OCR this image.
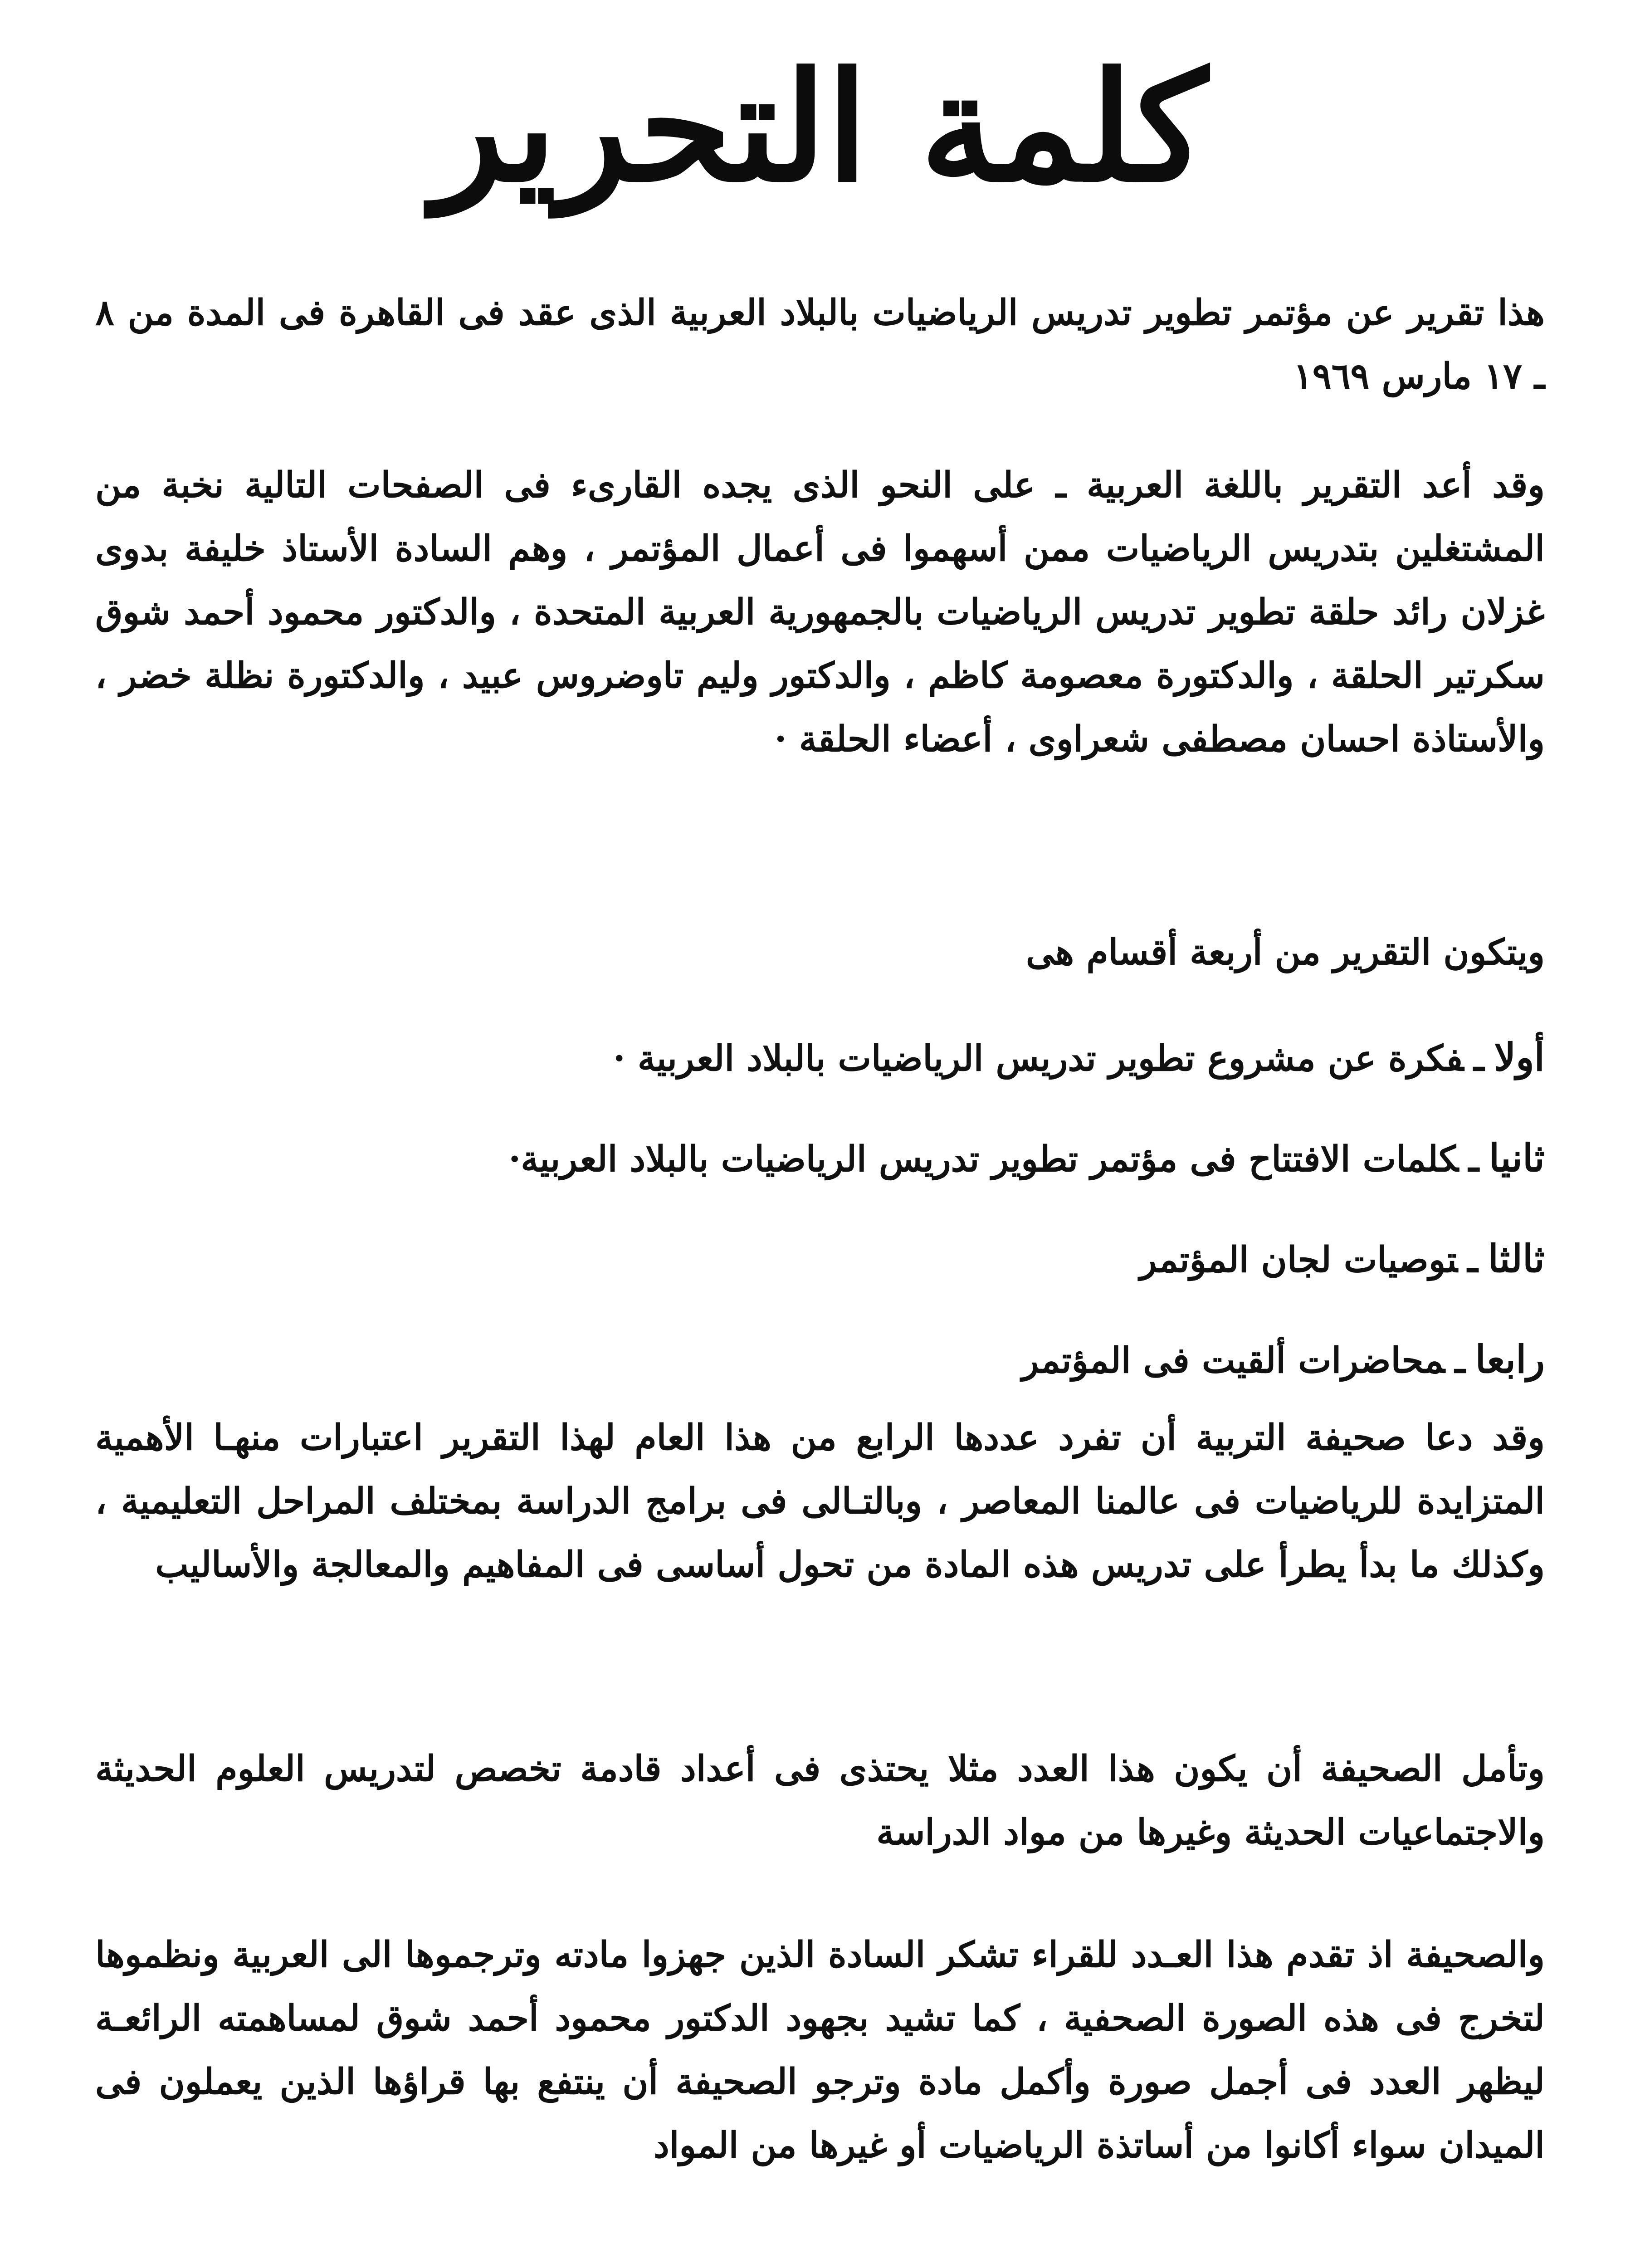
كلمة التحرير

هذا تقرير عن مؤتمر تطوير تدريس الرياضيات بالبلاد العربية الذى عقد فى القاهرة فى المدة من ٨ ـ ١٧ مارس ١٩٦٩

وقد أعد التقرير باللغة العربية ـ على النحو الذى يجده القارىء فى الصفحات التالية نخبة من المشتغلين بتدريس الرياضيات ممن أسهموا فى أعمال المؤتمر ، وهم السادة الأستاذ خليفة بدوى غزلان رائد حلقة تطوير تدريس الرياضيات بالجمهورية العربية المتحدة ، والدكتور محمود أحمد شوق سكرتير الحلقة ، والدكتورة معصومة كاظم ، والدكتور وليم تاوضروس عبيد ، والدكتورة نظلة خضر ، والأستاذة احسان مصطفى شعراوى ، أعضاء الحلقة ·

ويتكون التقرير من أربعة أقسام هى

أولاـفكرة عن مشروع تطوير تدريس الرياضيات بالبلاد العربية ·
ثانياـكلمات الافتتاح فى مؤتمر تطوير تدريس الرياضيات بالبلاد العربية·
ثالثاـتوصيات لجان المؤتمر
رابعاـمحاضرات ألقيت فى المؤتمر

وقد دعا صحيفة التربية أن تفرد عددها الرابع من هذا العام لهذا التقرير اعتبارات منهـا الأهمية المتزايدة للرياضيات فى عالمنا المعاصر ، وبالتـالى فى برامج الدراسة بمختلف المراحل التعليمية ، وكذلك ما بدأ يطرأ على تدريس هذه المادة من تحول أساسى فى المفاهيم والمعالجة والأساليب

وتأمل الصحيفة أن يكون هذا العدد مثلا يحتذى فى أعداد قادمة تخصص لتدريس العلوم الحديثة والاجتماعيات الحديثة وغيرها من مواد الدراسة

والصحيفة اذ تقدم هذا العـدد للقراء تشكر السادة الذين جهزوا مادته وترجموها الى العربية ونظموها لتخرج فى هذه الصورة الصحفية ، كما تشيد بجهود الدكتور محمود أحمد شوق لمساهمته الرائعـة ليظهر العدد فى أجمل صورة وأكمل مادة وترجو الصحيفة أن ينتفع بها قراؤها الذين يعملون فى الميدان سواء أكانوا من أساتذة الرياضيات أو غيرها من المواد
